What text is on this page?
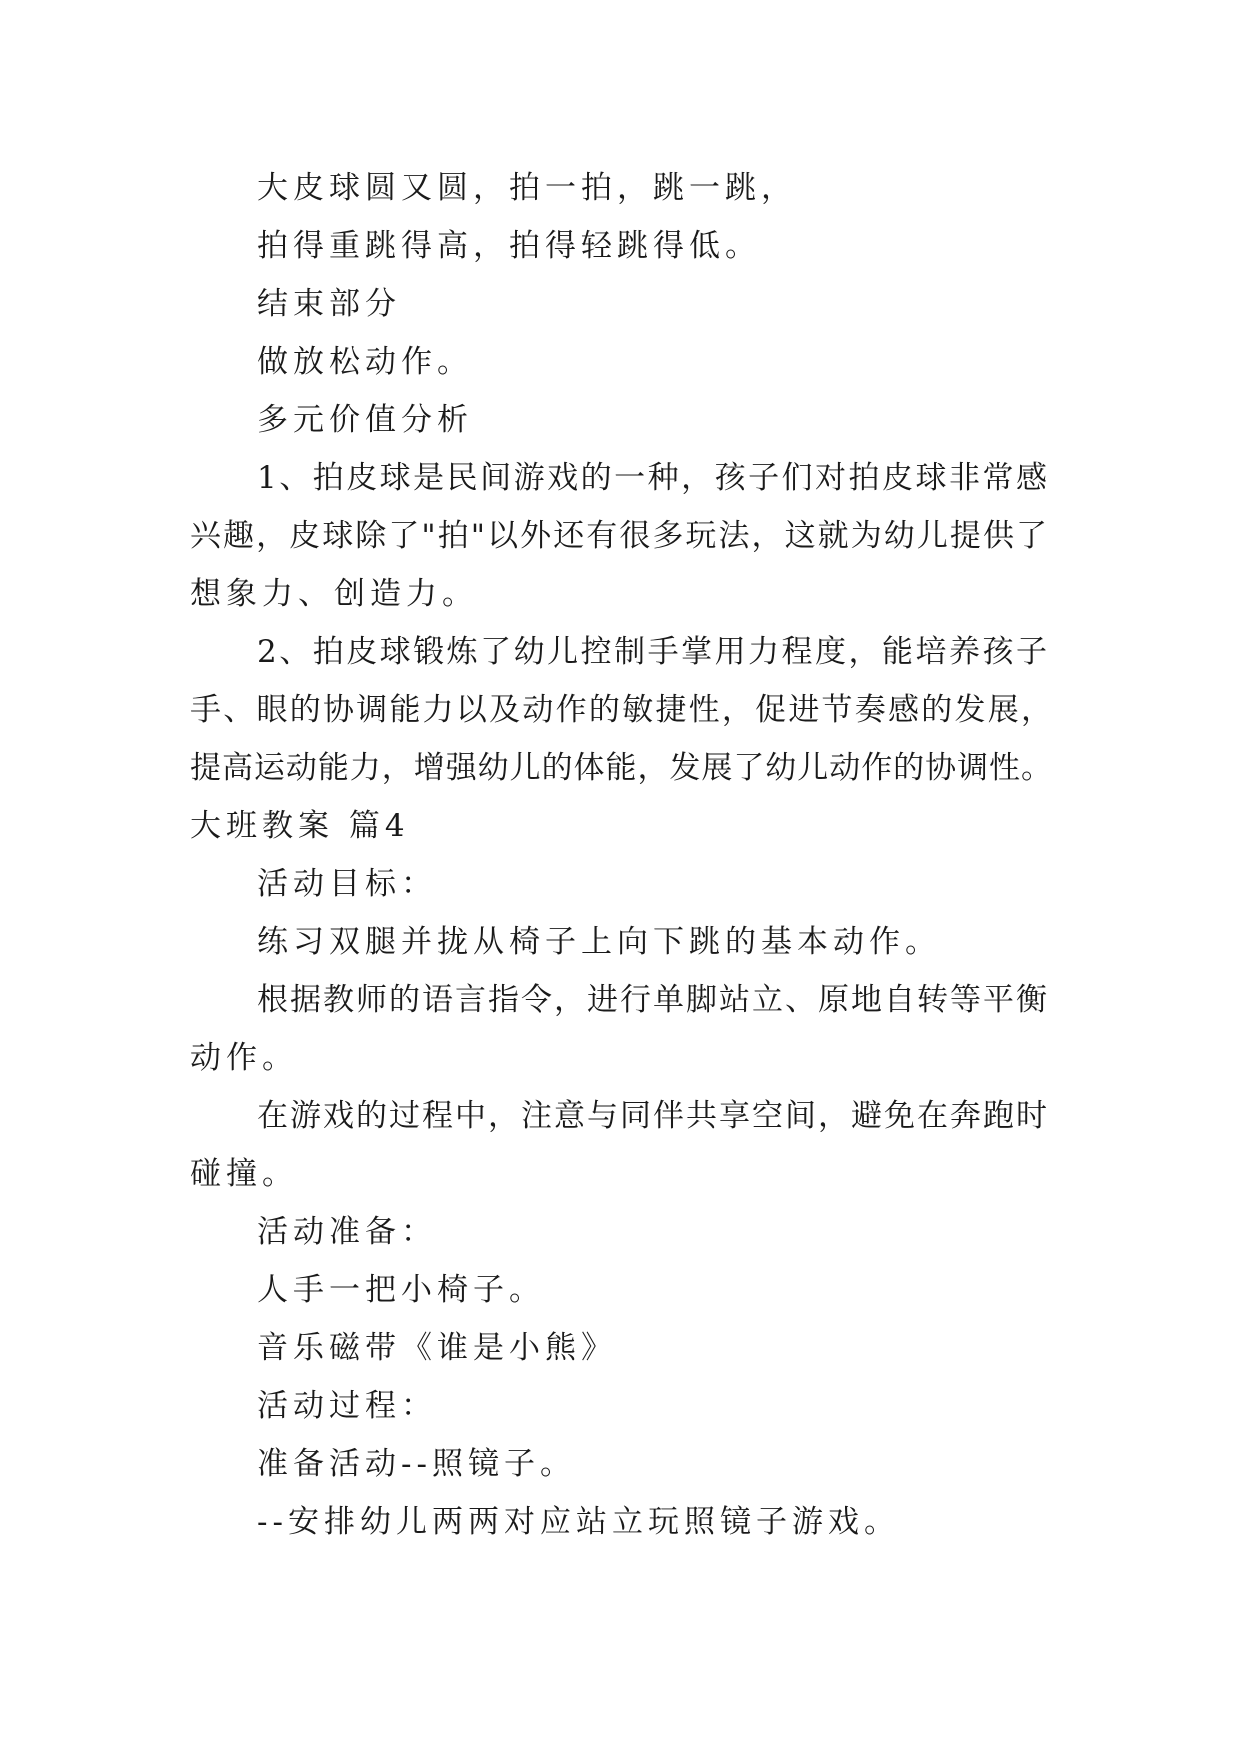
大皮球圆又圆，拍一拍，跳一跳，
拍得重跳得高，拍得轻跳得低。
结束部分
做放松动作。
多元价值分析
1、拍皮球是民间游戏的一种，孩子们对拍皮球非常感
兴趣，皮球除了"拍"以外还有很多玩法，这就为幼儿提供了
想象力、创造力。
2、拍皮球锻炼了幼儿控制手掌用力程度，能培养孩子
手、眼的协调能力以及动作的敏捷性，促进节奏感的发展，
提高运动能力，增强幼儿的体能，发展了幼儿动作的协调性。
大班教案 篇4
活动目标：
练习双腿并拢从椅子上向下跳的基本动作。
根据教师的语言指令，进行单脚站立、原地自转等平衡
动作。
在游戏的过程中，注意与同伴共享空间，避免在奔跑时
碰撞。
活动准备：
人手一把小椅子。
音乐磁带《谁是小熊》
活动过程：
准备活动--照镜子。
--安排幼儿两两对应站立玩照镜子游戏。
